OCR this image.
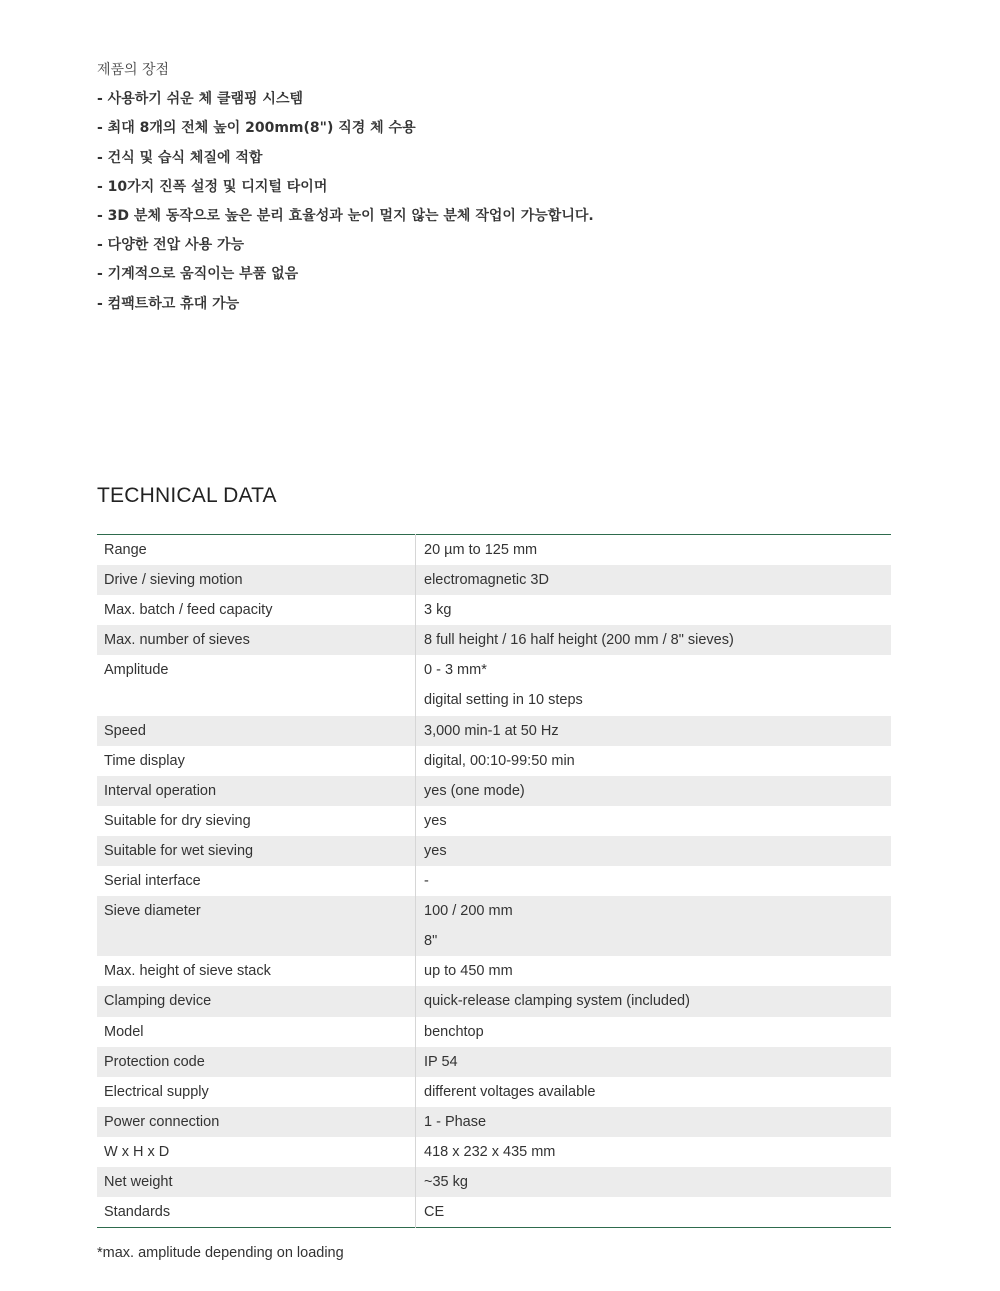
제품의 장점
- 사용하기 쉬운 체 클램핑 시스템
- 최대 8개의 전체 높이 200mm(8") 직경 체 수용
- 건식 및 습식 체질에 적합
- 10가지 진폭 설정 및 디지털 타이머
- 3D 분체 동작으로 높은 분리 효율성과 눈이 멀지 않는 분체 작업이 가능합니다.
- 다양한 전압 사용 가능
- 기계적으로 움직이는 부품 없음
- 컴팩트하고 휴대 가능
TECHNICAL DATA
Range	20 µm to 125 mm

Drive / sieving motion	electromagnetic 3D

Max. batch / feed capacity	3 kg

Max. number of sieves	8 full height / 16 half height (200 mm / 8" sieves)

Amplitude	0 - 3 mm*
digital setting in 10 steps

Speed	3,000 min-1 at 50 Hz

Time display	digital, 00:10-99:50 min

Interval operation	yes (one mode)

Suitable for dry sieving	yes

Suitable for wet sieving	yes

Serial interface	-

Sieve diameter	100 / 200 mm
8"

Max. height of sieve stack	up to 450 mm

Clamping device	quick-release clamping system (included)

Model	benchtop

Protection code	IP 54

Electrical supply	different voltages available

Power connection	1 - Phase

W x H x D	418 x 232 x 435 mm

Net weight	~35 kg

Standards	CE

*max. amplitude depending on loading
